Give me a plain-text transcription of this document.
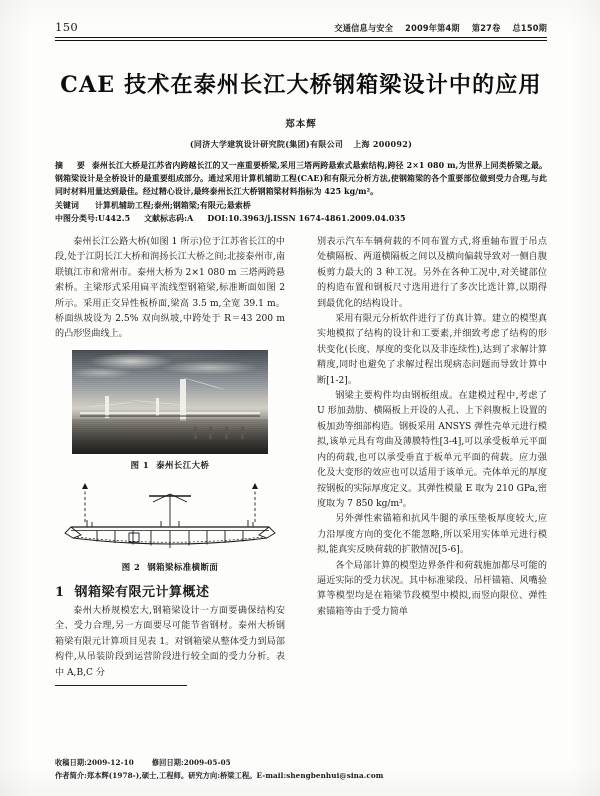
150	交通信息与安全 2009年第4期 第27卷 总150期
CAE 技术在泰州长江大桥钢箱梁设计中的应用
郑本辉
(同济大学建筑设计研究院(集团)有限公司 上海 200092)

摘　要 泰州长江大桥是江苏省内跨越长江的又一座重要桥梁,采用三塔两跨悬索式悬索结构,跨径 2×1 080 m,为世界上同类桥梁之最。钢箱梁设计是全桥设计的最重要组成部分。通过采用计算机辅助工程(CAE)和有限元分析方法,使钢箱梁的各个重要部位做到受力合理,与此同时材料用量达到最佳。经过精心设计,最终泰州长江大桥钢箱梁材料指标为 425 kg/m²。

关键词 计算机辅助工程;泰州;钢箱梁;有限元;悬索桥

中图分类号:U442.5 文献标志码:A DOI:10.3963/j.ISSN 1674-4861.2009.04.035

泰州长江公路大桥(如图 1 所示)位于江苏省长江的中段,处于江阴长江大桥和润扬长江大桥之间;北接泰州市,南联镇江市和常州市。泰州大桥为 2×1 080 m 三塔两跨悬索桥。主梁形式采用扁平流线型钢箱梁,标准断面如图 2 所示。采用正交异性板桥面,梁高 3.5 m,全宽 39.1 m。桥面纵坡设为 2.5% 双向纵坡,中跨处于 R＝43 200 m 的凸形竖曲线上。

图 1 泰州长江大桥
图 2 钢箱梁标准横断面
1 钢箱梁有限元计算概述

泰州大桥规模宏大,钢箱梁设计一方面要确保结构安全、受力合理,另一方面要尽可能节省钢材。泰州大桥钢箱梁有限元计算项目见表 1。对钢箱梁从整体受力到局部构件,从吊装阶段到运营阶段进行较全面的受力分析。表中 A,B,C 分

别表示汽车车辆荷载的不同布置方式,将重轴布置于吊点处横隔板、两道横隔板之间以及横向偏载导致对一侧自腹板剪力最大的 3 种工况。另外在各种工况中,对关键部位的构造布置和钢板尺寸选用进行了多次比选计算,以期得到最优化的结构设计。

采用有限元分析软件进行了仿真计算。建立的模型真实地模拟了结构的设计和工要素,并细致考虑了结构的形状变化(长度、厚度的变化以及非连续性),达到了求解计算精度,同时也避免了求解过程出现病态问题而导致计算中断[1-2]。

钢梁主要构件均由钢板组成。在建模过程中,考虑了 U 形加劲肋、横隔板上开设的人孔、上下斜腹板上设置的板加劲等细部构造。钢板采用 ANSYS 弹性壳单元进行模拟,该单元具有弯曲及薄膜特性[3-4],可以承受板单元平面内的荷载,也可以承受垂直于板单元平面的荷载。应力强化及大变形的效应也可以适用于该单元。壳体单元的厚度按钢板的实际厚度定义。其弹性模量 E 取为 210 GPa,密度取为 7 850 kg/m³。

另外弹性索锚箱和抗风牛腿的承压垫板厚度较大,应力沿厚度方向的变化不能忽略,所以采用实体单元进行模拟,能真实反映荷载的扩散情况[5-6]。

各个局部计算的模型边界条件和荷载施加都尽可能的逼近实际的受力状况。其中标准梁段、吊杆锚箱、风嘴验算等模型均是在箱梁节段模型中模拟,而竖向限位、弹性索锚箱等由于受力简单

收稿日期:2009-12-10	修回日期:2009-05-05
作者简介:郑本辉(1978-),硕士,工程师。研究方向:桥梁工程。E-mail:shengbenhui@sina.com
